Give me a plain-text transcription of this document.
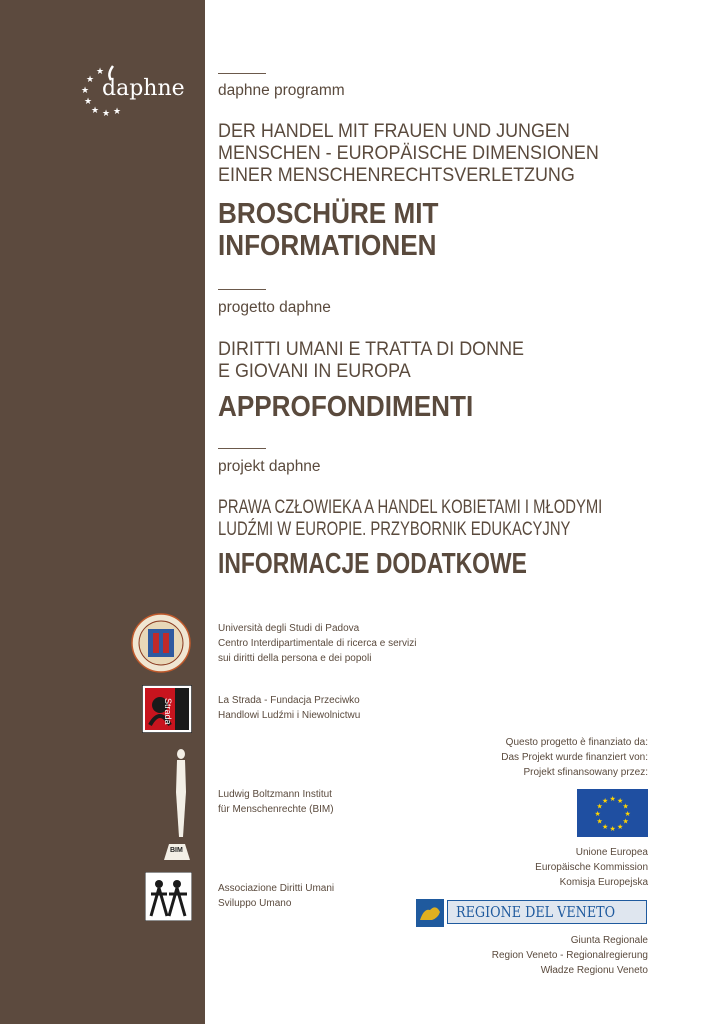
★
★
★
★
★ ★ ★
daphne daphne programm
DER HANDEL MIT FRAUEN UND JUNGEN
MENSCHEN - EUROPÄISCHE DIMENSIONEN
EINER MENSCHENRECHTSVERLETZUNG
BROSCHÜRE MIT
INFORMATIONEN
progetto daphne
DIRITTI UMANI E TRATTA DI DONNE
E GIOVANI IN EUROPA
APPROFONDIMENTI
projekt daphne
PRAWA CZŁOWIEKA A HANDEL KOBIETAMI I MŁODYMI
LUDŹMI W EUROPIE. PRZYBORNIK EDUKACYJNY
INFORMACJE DODATKOWE
Università degli Studi di Padova
Centro Interdipartimentale di ricerca e servizi
sui diritti della persona e dei popoli
Strada	La Strada - Fundacja Przeciwko
Handlowi Ludźmi i Niewolnictwu
BIM
Ludwig Boltzmann Institut
für Menschenrechte (BIM)
Associazione Diritti Umani
Sviluppo Umano
Questo progetto è finanziato da:
Das Projekt wurde finanziert von:
Projekt sfinansowany przez:
★ ★
★
★
★
★
★
★
★
★
★
★
Unione Europea
Europäische Kommission
Komisja Europejska
REGIONE DEL VENETO
Giunta Regionale
Region Veneto - Regionalregierung
Władze Regionu Veneto
